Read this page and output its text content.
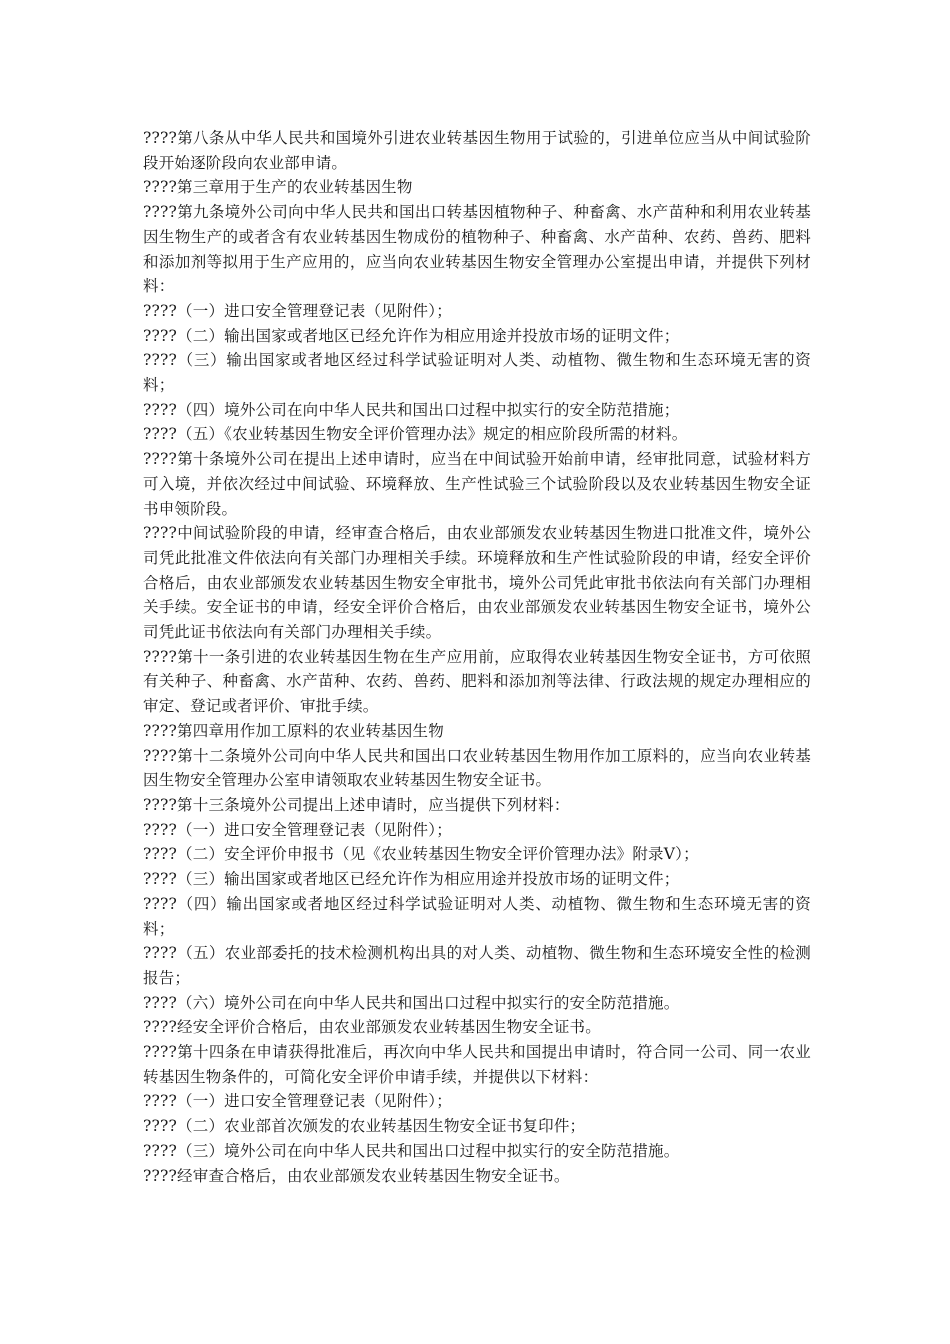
????第八条从中华人民共和国境外引进农业转基因生物用于试验的，引进单位应当从中间试验阶段开始逐阶段向农业部申请。

????第三章用于生产的农业转基因生物

????第九条境外公司向中华人民共和国出口转基因植物种子、种畜禽、水产苗种和利用农业转基因生物生产的或者含有农业转基因生物成份的植物种子、种畜禽、水产苗种、农药、兽药、肥料和添加剂等拟用于生产应用的，应当向农业转基因生物安全管理办公室提出申请，并提供下列材料：

????（一）进口安全管理登记表（见附件）；

????（二）输出国家或者地区已经允许作为相应用途并投放市场的证明文件；

????（三）输出国家或者地区经过科学试验证明对人类、动植物、微生物和生态环境无害的资料；

????（四）境外公司在向中华人民共和国出口过程中拟实行的安全防范措施；

????（五）《农业转基因生物安全评价管理办法》规定的相应阶段所需的材料。

????第十条境外公司在提出上述申请时，应当在中间试验开始前申请，经审批同意，试验材料方可入境，并依次经过中间试验、环境释放、生产性试验三个试验阶段以及农业转基因生物安全证书申领阶段。

????中间试验阶段的申请，经审查合格后，由农业部颁发农业转基因生物进口批准文件，境外公司凭此批准文件依法向有关部门办理相关手续。环境释放和生产性试验阶段的申请，经安全评价合格后，由农业部颁发农业转基因生物安全审批书，境外公司凭此审批书依法向有关部门办理相关手续。安全证书的申请，经安全评价合格后，由农业部颁发农业转基因生物安全证书，境外公司凭此证书依法向有关部门办理相关手续。

????第十一条引进的农业转基因生物在生产应用前，应取得农业转基因生物安全证书，方可依照有关种子、种畜禽、水产苗种、农药、兽药、肥料和添加剂等法律、行政法规的规定办理相应的审定、登记或者评价、审批手续。

????第四章用作加工原料的农业转基因生物

????第十二条境外公司向中华人民共和国出口农业转基因生物用作加工原料的，应当向农业转基因生物安全管理办公室申请领取农业转基因生物安全证书。

????第十三条境外公司提出上述申请时，应当提供下列材料：

????（一）进口安全管理登记表（见附件）；

????（二）安全评价申报书（见《农业转基因生物安全评价管理办法》附录Ⅴ）；

????（三）输出国家或者地区已经允许作为相应用途并投放市场的证明文件；

????（四）输出国家或者地区经过科学试验证明对人类、动植物、微生物和生态环境无害的资料；

????（五）农业部委托的技术检测机构出具的对人类、动植物、微生物和生态环境安全性的检测报告；

????（六）境外公司在向中华人民共和国出口过程中拟实行的安全防范措施。

????经安全评价合格后，由农业部颁发农业转基因生物安全证书。

????第十四条在申请获得批准后，再次向中华人民共和国提出申请时，符合同一公司、同一农业转基因生物条件的，可简化安全评价申请手续，并提供以下材料：

????（一）进口安全管理登记表（见附件）；

????（二）农业部首次颁发的农业转基因生物安全证书复印件；

????（三）境外公司在向中华人民共和国出口过程中拟实行的安全防范措施。

????经审查合格后，由农业部颁发农业转基因生物安全证书。
